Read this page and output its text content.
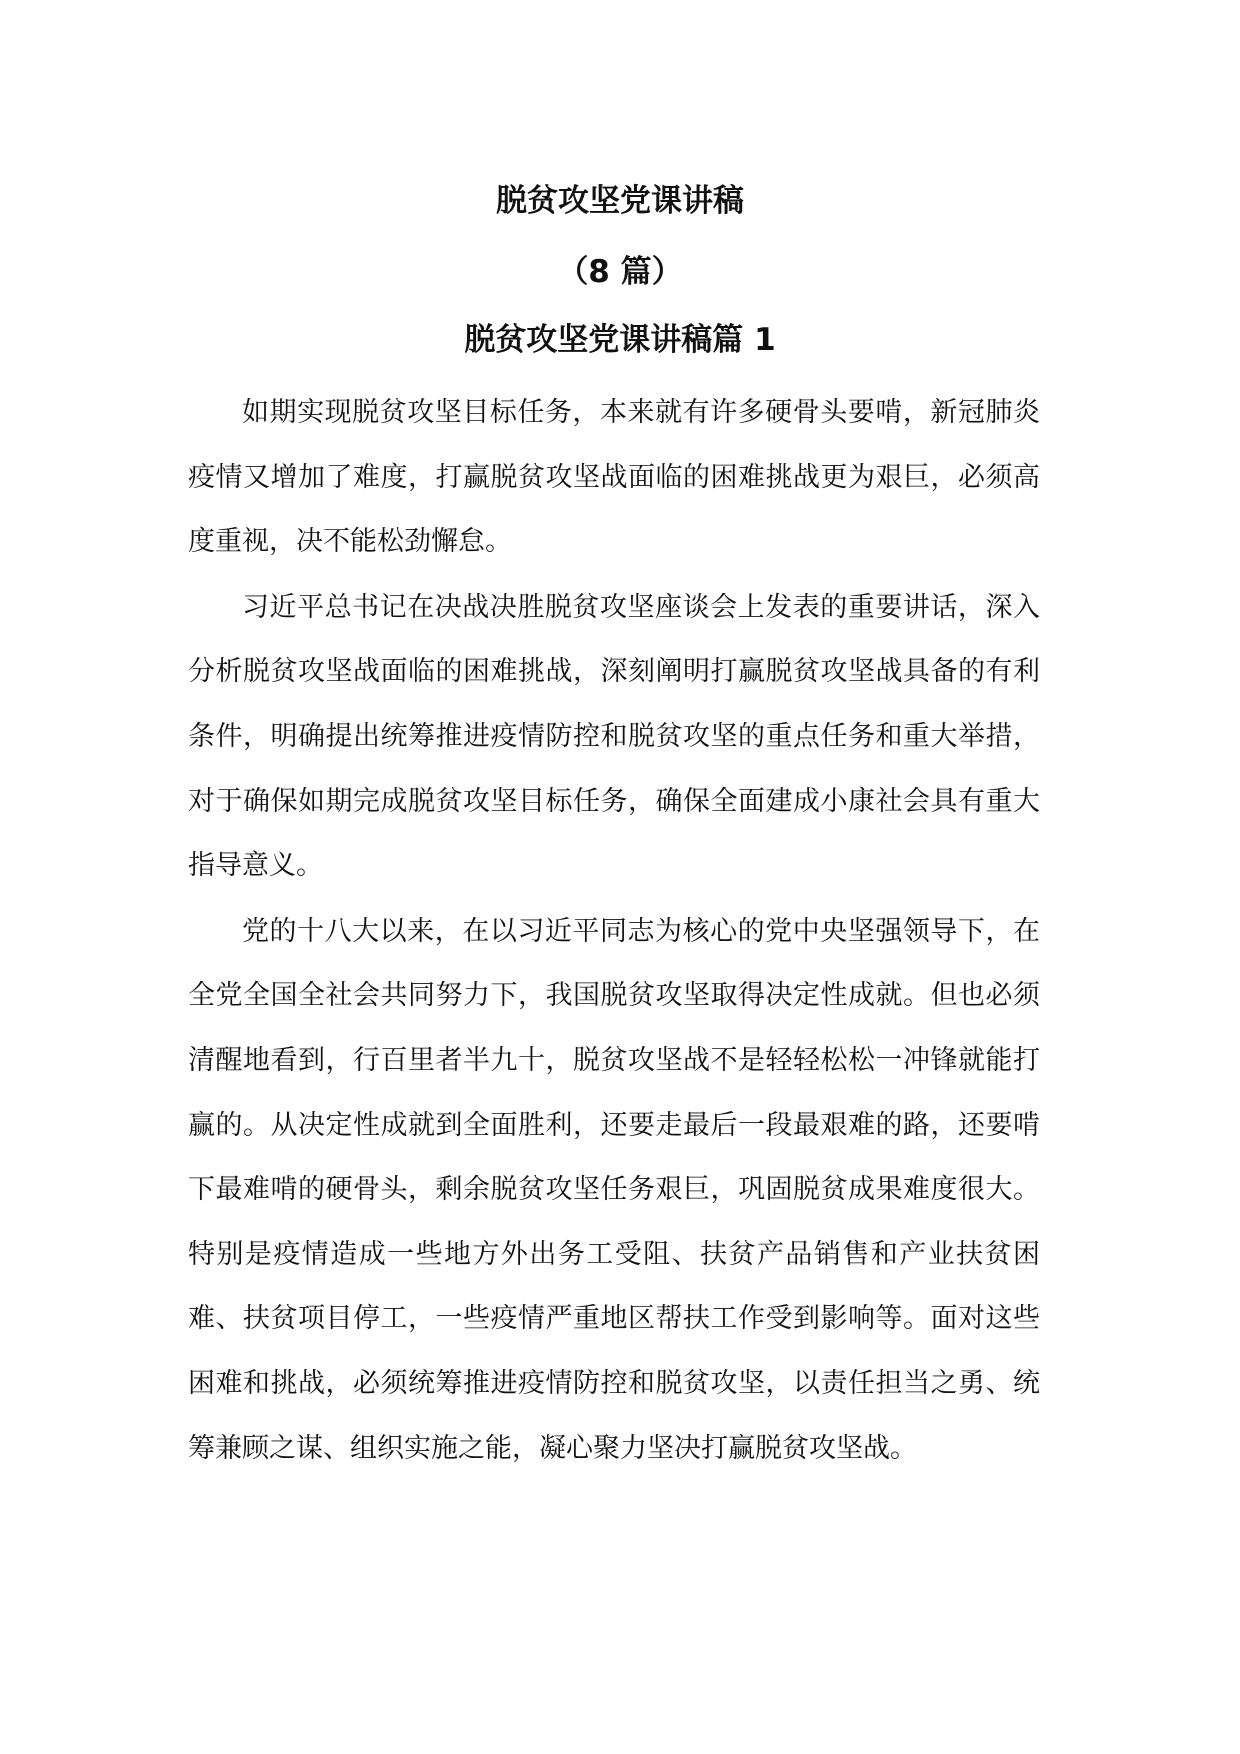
脱贫攻坚党课讲稿
（8 篇）
脱贫攻坚党课讲稿篇 1

如期实现脱贫攻坚目标任务，本来就有许多硬骨头要啃，新冠肺炎疫情又增加了难度，打赢脱贫攻坚战面临的困难挑战更为艰巨，必须高度重视，决不能松劲懈怠。

习近平总书记在决战决胜脱贫攻坚座谈会上发表的重要讲话，深入分析脱贫攻坚战面临的困难挑战，深刻阐明打赢脱贫攻坚战具备的有利条件，明确提出统筹推进疫情防控和脱贫攻坚的重点任务和重大举措，对于确保如期完成脱贫攻坚目标任务，确保全面建成小康社会具有重大指导意义。

党的十八大以来，在以习近平同志为核心的党中央坚强领导下，在全党全国全社会共同努力下，我国脱贫攻坚取得决定性成就。但也必须清醒地看到，行百里者半九十，脱贫攻坚战不是轻轻松松一冲锋就能打赢的。从决定性成就到全面胜利，还要走最后一段最艰难的路，还要啃下最难啃的硬骨头，剩余脱贫攻坚任务艰巨，巩固脱贫成果难度很大。特别是疫情造成一些地方外出务工受阻、扶贫产品销售和产业扶贫困难、扶贫项目停工，一些疫情严重地区帮扶工作受到影响等。面对这些困难和挑战，必须统筹推进疫情防控和脱贫攻坚，以责任担当之勇、统筹兼顾之谋、组织实施之能，凝心聚力坚决打赢脱贫攻坚战。
